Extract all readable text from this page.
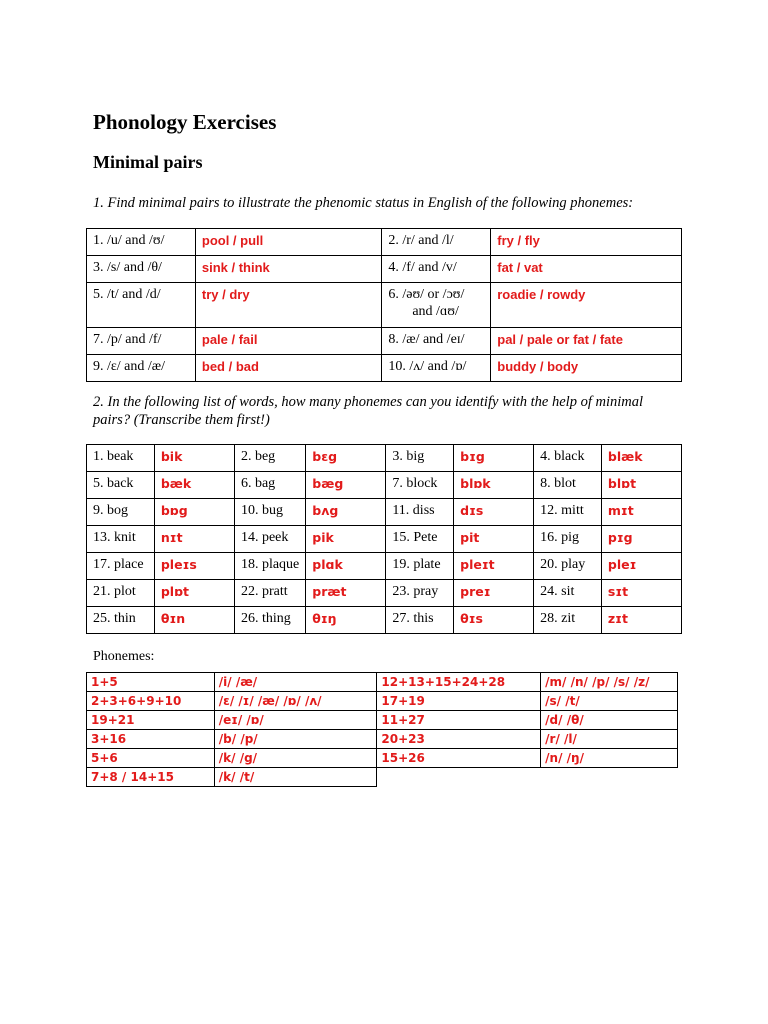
Phonology Exercises
Minimal pairs

1. Find minimal pairs to illustrate the phenomic status in English of the following phonemes:

1. /u/ and /ʊ/	pool / pull	2. /r/ and /l/	fry / fly
3. /s/ and /θ/	sink / think	4. /f/ and /v/	fat / vat
5. /t/ and /d/	try / dry	6. /əʊ/ or /ɔʊ/
and /ɑʊ/	roadie / rowdy
7. /p/ and /f/	pale / fail	8. /æ/ and /eɪ/	pal / pale or fat / fate
9. /ɛ/ and /æ/	bed / bad	10. /ʌ/ and /ɒ/	buddy / body

2. In the following list of words, how many phonemes can you identify with the help of minimal pairs? (Transcribe them first!)

1. beak	bik	2. beg	bɛg	3. big	bɪg	4. black	blæk
5. back	bæk	6. bag	bæg	7. block	blɒk	8. blot	blɒt
9. bog	bɒg	10. bug	bʌg	11. diss	dɪs	12. mitt	mɪt
13. knit	nɪt	14. peek	pik	15. Pete	pit	16. pig	pɪg
17. place	pleɪs	18. plaque	plɑk	19. plate	pleɪt	20. play	pleɪ
21. plot	plɒt	22. pratt	præt	23. pray	preɪ	24. sit	sɪt
25. thin	θɪn	26. thing	θɪŋ	27. this	θɪs	28. zit	zɪt

Phonemes:

1+5	/i/ /æ/	12+13+15+24+28	/m/ /n/ /p/ /s/ /z/
2+3+6+9+10	/ɛ/ /ɪ/ /æ/ /ɒ/ /ʌ/	17+19	/s/ /t/
19+21	/eɪ/ /ɒ/	11+27	/d/ /θ/
3+16	/b/ /p/	20+23	/r/ /l/
5+6	/k/ /g/	15+26	/n/ /ŋ/
7+8 / 14+15	/k/ /t/		
